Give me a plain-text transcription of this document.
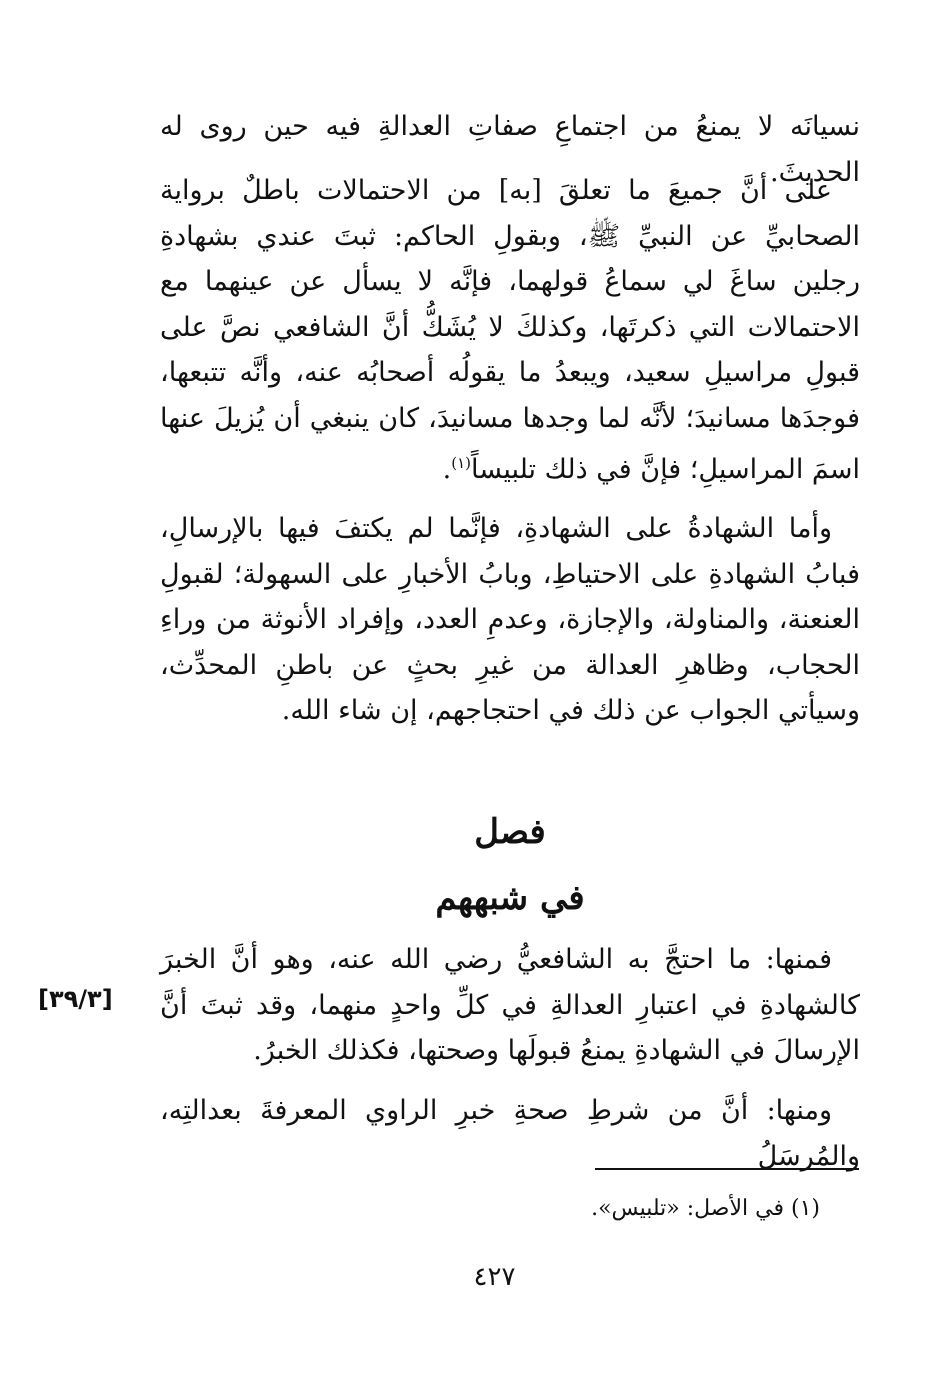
نسيانَه لا يمنعُ من اجتماعِ صفاتِ العدالةِ فيه حين روى له الحديثَ.

على أنَّ جميعَ ما تعلقَ [به] من الاحتمالات باطلٌ برواية الصحابيِّ عن النبيِّ ﷺ، وبقولِ الحاكم: ثبتَ عندي بشهادةِ رجلين ساغَ لي سماعُ قولهما، فإنَّه لا يسأل عن عينهما مع الاحتمالات التي ذكرتَها، وكذلكَ لا يُشَكُّ أنَّ الشافعي نصَّ على قبولِ مراسيلِ سعيد، ويبعدُ ما يقولُه أصحابُه عنه، وأنَّه تتبعها، فوجدَها مسانيدَ؛ لأنَّه لما وجدها مسانيدَ، كان ينبغي أن يُزيلَ عنها اسمَ المراسيلِ؛ فإنَّ في ذلك تلبيساً$^{(١)}$.

وأما الشهادةُ على الشهادةِ، فإنَّما لم يكتفَ فيها بالإرسالِ، فبابُ الشهادةِ على الاحتياطِ، وبابُ الأخبارِ على السهولة؛ لقبولِ العنعنة، والمناولة، والإجازة، وعدمِ العدد، وإفراد الأنوثة من وراءِ الحجاب، وظاهرِ العدالة من غيرِ بحثٍ عن باطنِ المحدِّث، وسيأتي الجواب عن ذلك في احتجاجهم، إن شاء الله.

فصل
في شبههم

فمنها: ما احتجَّ به الشافعيُّ رضي الله عنه، وهو أنَّ الخبرَ كالشهادةِ في اعتبارِ العدالةِ في كلِّ واحدٍ منهما، وقد ثبتَ أنَّ الإرسالَ في الشهادةِ يمنعُ قبولَها وصحتها، فكذلك الخبرُ.

[٣٩/٣]

ومنها: أنَّ من شرطِ صحةِ خبرِ الراوي المعرفةَ بعدالتِه، والمُرسَلُ

(١) في الأصل: «تلبيس».

٤٢٧
